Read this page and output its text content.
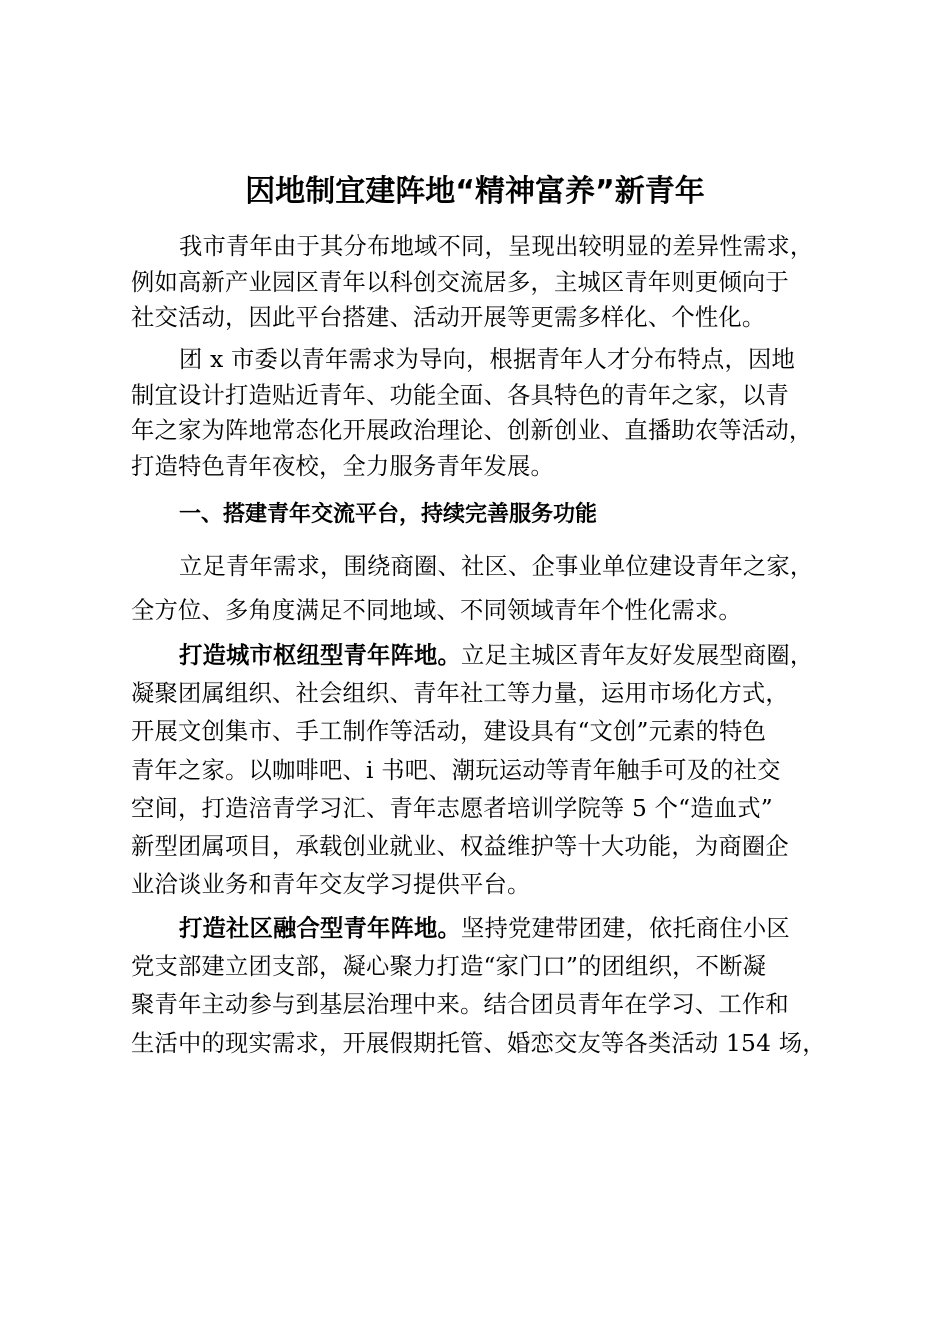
因地制宜建阵地“精神富养”新青年
我市青年由于其分布地域不同，呈现出较明显的差异性需求，
例如高新产业园区青年以科创交流居多，主城区青年则更倾向于
社交活动，因此平台搭建、活动开展等更需多样化、个性化。
团 x 市委以青年需求为导向，根据青年人才分布特点，因地
制宜设计打造贴近青年、功能全面、各具特色的青年之家，以青
年之家为阵地常态化开展政治理论、创新创业、直播助农等活动，
打造特色青年夜校，全力服务青年发展。
一、搭建青年交流平台，持续完善服务功能
立足青年需求，围绕商圈、社区、企事业单位建设青年之家，
全方位、多角度满足不同地域、不同领域青年个性化需求。
打造城市枢纽型青年阵地。立足主城区青年友好发展型商圈，
凝聚团属组织、社会组织、青年社工等力量，运用市场化方式，
开展文创集市、手工制作等活动，建设具有“文创”元素的特色
青年之家。以咖啡吧、i 书吧、潮玩运动等青年触手可及的社交
空间，打造涪青学习汇、青年志愿者培训学院等 5 个“造血式”
新型团属项目，承载创业就业、权益维护等十大功能，为商圈企
业洽谈业务和青年交友学习提供平台。
打造社区融合型青年阵地。坚持党建带团建，依托商住小区
党支部建立团支部，凝心聚力打造“家门口”的团组织，不断凝
聚青年主动参与到基层治理中来。结合团员青年在学习、工作和
生活中的现实需求，开展假期托管、婚恋交友等各类活动 154 场，
